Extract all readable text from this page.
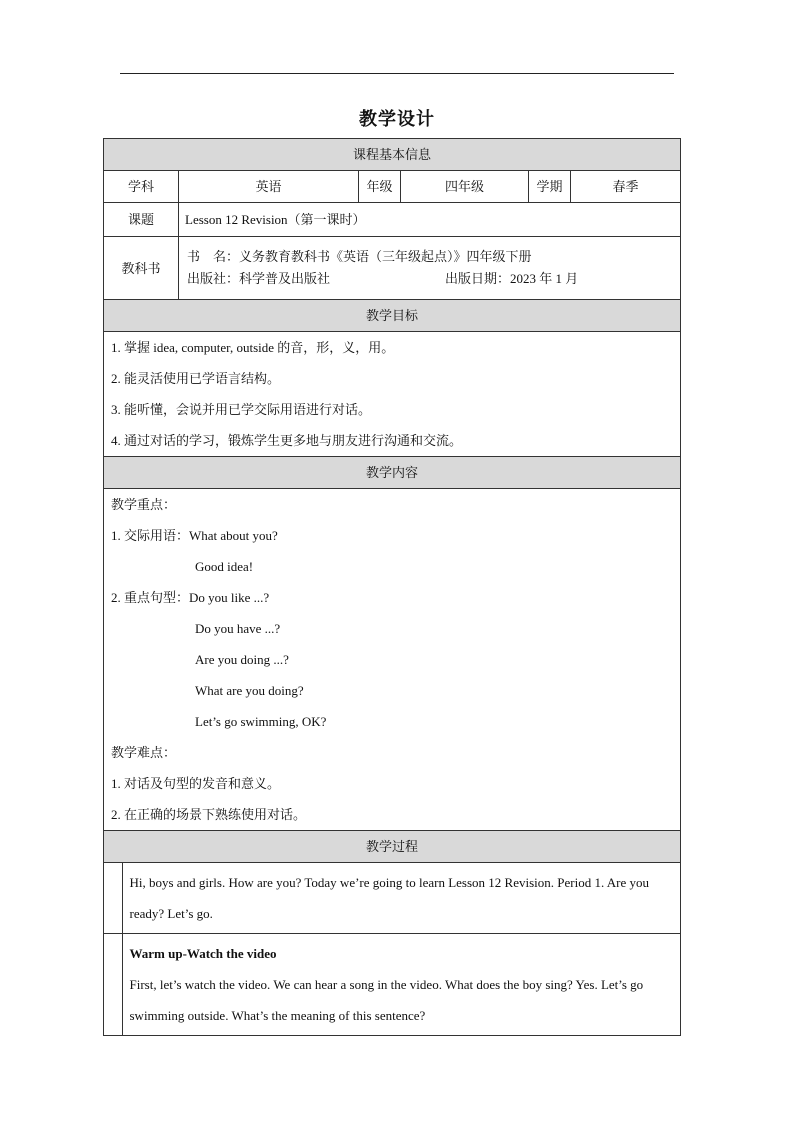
教学设计
课程基本信息
学科	英语	年级	四年级	学期	春季
课题	Lesson 12 Revision（第一课时）
教科书	
书　名：义务教育教科书《英语（三年级起点）》四年级下册
出版社：科学普及出版社	出版日期：2023 年 1 月

教学目标

1. 掌握 idea, computer, outside 的音，形，义，用。
2. 能灵活使用已学语言结构。
3. 能听懂，会说并用已学交际用语进行对话。
4. 通过对话的学习，锻炼学生更多地与朋友进行沟通和交流。

教学内容

教学重点：
1. 交际用语：What about you?
Good idea!
2. 重点句型：Do you like ...?
Do you have ...?
Are you doing ...?
What are you doing?
Let’s go swimming, OK?
教学难点：
1. 对话及句型的发音和意义。
2. 在正确的场景下熟练使用对话。

教学过程

	Hi, boys and girls. How are you? Today we’re going to learn Lesson 12 Revision. Period 1. Are you ready? Let’s go.

Warm up-Watch the video
First, let’s watch the video. We can hear a song in the video. What does the boy sing? Yes. Let’s go swimming outside. What’s the meaning of this sentence?
